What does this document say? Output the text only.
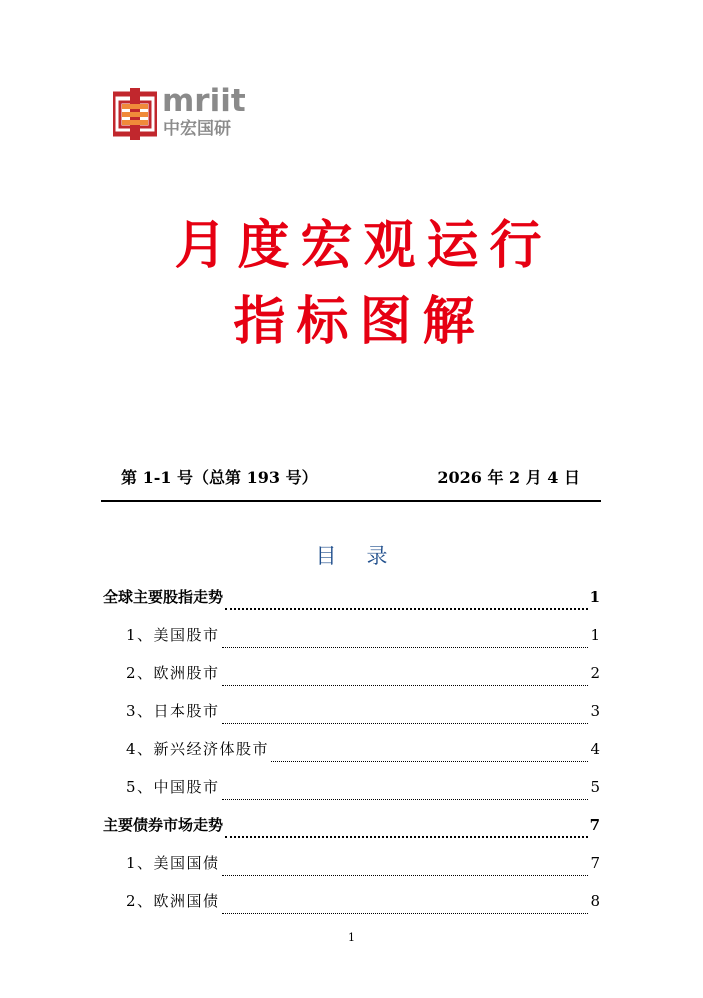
mriit
中宏国研
月度宏观运行
指标图解
第 1-1 号（总第 193 号）	2026 年 2 月 4 日
目录
全球主要股指走势	1
1、美国股市	1
2、欧洲股市	2
3、日本股市	3
4、新兴经济体股市	4
5、中国股市	5
主要债券市场走势	7
1、美国国债	7
2、欧洲国债	8
1
